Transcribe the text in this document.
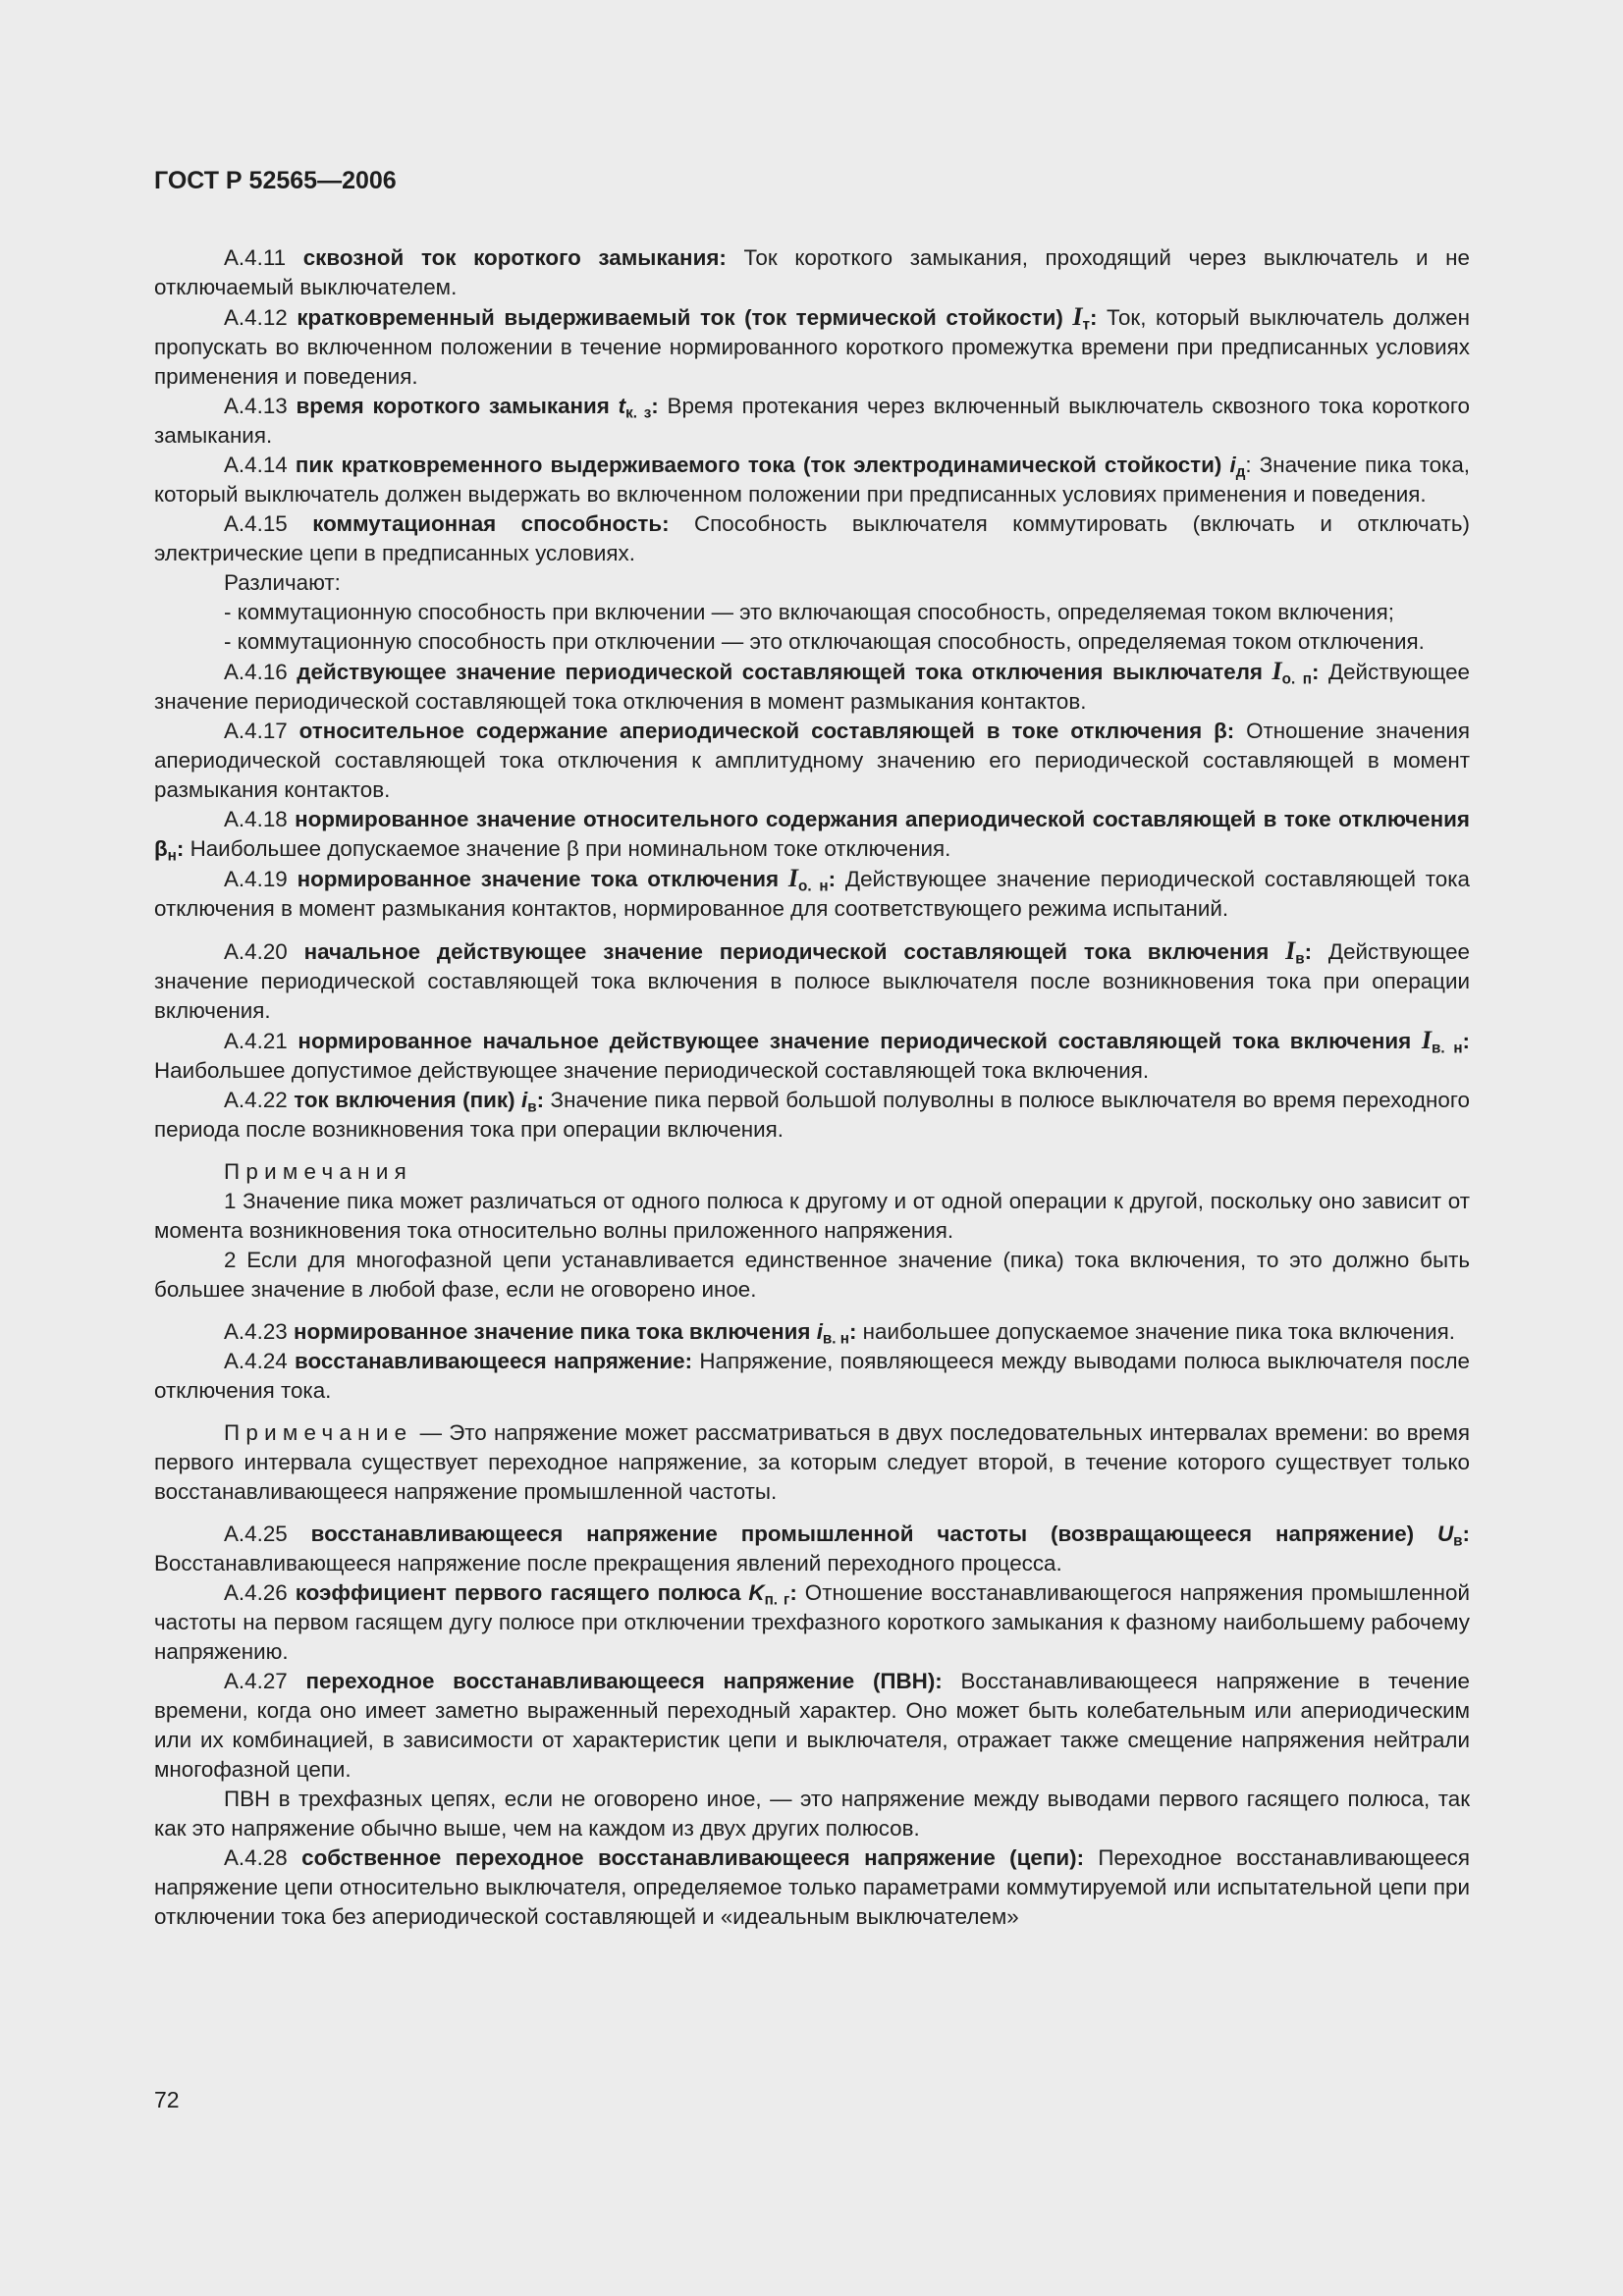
ГОСТ Р 52565—2006

А.4.11 сквозной ток короткого замыкания: Ток короткого замыкания, проходящий через выключатель и не отключаемый выключателем.

А.4.12 кратковременный выдерживаемый ток (ток термической стойкости) $I_т$: Ток, который выключатель должен пропускать во включенном положении в течение нормированного короткого промежутка времени при предписанных условиях применения и поведения.

А.4.13 время короткого замыкания $t_{к. з}$: Время протекания через включенный выключатель сквозного тока короткого замыкания.

А.4.14 пик кратковременного выдерживаемого тока (ток электродинамической стойкости) $i_д$: Значение пика тока, который выключатель должен выдержать во включенном положении при предписанных условиях применения и поведения.

А.4.15 коммутационная способность: Способность выключателя коммутировать (включать и отключать) электрические цепи в предписанных условиях.

Различают:

- коммутационную способность при включении — это включающая способность, определяемая током включения;

- коммутационную способность при отключении — это отключающая способность, определяемая током отключения.

А.4.16 действующее значение периодической составляющей тока отключения выключателя $I_{о. п}$: Действующее значение периодической составляющей тока отключения в момент размыкания контактов.

А.4.17 относительное содержание апериодической составляющей в токе отключения β: Отношение значения апериодической составляющей тока отключения к амплитудному значению его периодической составляющей в момент размыкания контактов.

А.4.18 нормированное значение относительного содержания апериодической составляющей в токе отключения $\beta_н$: Наибольшее допускаемое значение β при номинальном токе отключения.

А.4.19 нормированное значение тока отключения $I_{о. н}$: Действующее значение периодической составляющей тока отключения в момент размыкания контактов, нормированное для соответствующего режима испытаний.

А.4.20 начальное действующее значение периодической составляющей тока включения $I_в$: Действующее значение периодической составляющей тока включения в полюсе выключателя после возникновения тока при операции включения.

А.4.21 нормированное начальное действующее значение периодической составляющей тока включения $I_{в. н}$: Наибольшее допустимое действующее значение периодической составляющей тока включения.

А.4.22 ток включения (пик) $i_в$: Значение пика первой большой полуволны в полюсе выключателя во время переходного периода после возникновения тока при операции включения.

Примечания

1 Значение пика может различаться от одного полюса к другому и от одной операции к другой, поскольку оно зависит от момента возникновения тока относительно волны приложенного напряжения.

2 Если для многофазной цепи устанавливается единственное значение (пика) тока включения, то это должно быть большее значение в любой фазе, если не оговорено иное.

А.4.23 нормированное значение пика тока включения $i_{в. н}$: наибольшее допускаемое значение пика тока включения.

А.4.24 восстанавливающееся напряжение: Напряжение, появляющееся между выводами полюса выключателя после отключения тока.

Примечание — Это напряжение может рассматриваться в двух последовательных интервалах времени: во время первого интервала существует переходное напряжение, за которым следует второй, в течение которого существует только восстанавливающееся напряжение промышленной частоты.

А.4.25 восстанавливающееся напряжение промышленной частоты (возвращающееся напряжение) $U_в$: Восстанавливающееся напряжение после прекращения явлений переходного процесса.

А.4.26 коэффициент первого гасящего полюса $K_{п. г}$: Отношение восстанавливающегося напряжения промышленной частоты на первом гасящем дугу полюсе при отключении трехфазного короткого замыкания к фазному наибольшему рабочему напряжению.

А.4.27 переходное восстанавливающееся напряжение (ПВН): Восстанавливающееся напряжение в течение времени, когда оно имеет заметно выраженный переходный характер. Оно может быть колебательным или апериодическим или их комбинацией, в зависимости от характеристик цепи и выключателя, отражает также смещение напряжения нейтрали многофазной цепи.

ПВН в трехфазных цепях, если не оговорено иное, — это напряжение между выводами первого гасящего полюса, так как это напряжение обычно выше, чем на каждом из двух других полюсов.

А.4.28 собственное переходное восстанавливающееся напряжение (цепи): Переходное восстанавливающееся напряжение цепи относительно выключателя, определяемое только параметрами коммутируемой или испытательной цепи при отключении тока без апериодической составляющей и «идеальным выключателем»

72
